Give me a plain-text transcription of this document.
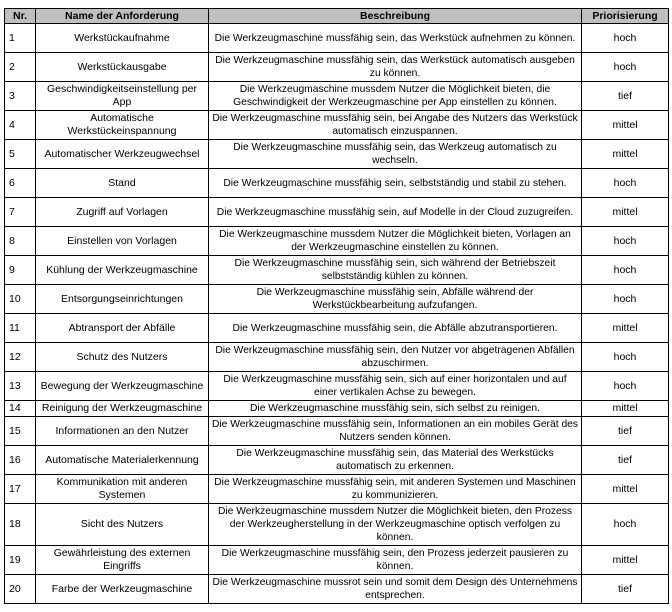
Nr.	Name der Anforderung	Beschreibung	Priorisierung
1	Werkstückaufnahme	Die Werkzeugmaschine mussfähig sein, das Werkstück aufnehmen zu können.	hoch
2	Werkstückausgabe	Die Werkzeugmaschine mussfähig sein, das Werkstück automatisch ausgeben zu können.	hoch
3	Geschwindigkeitseinstellung per App	Die Werkzeugmaschine mussdem Nutzer die Möglichkeit bieten, die Geschwindigkeit der Werkzeugmaschine per App einstellen zu können.	tief
4	Automatische Werkstückeinspannung	Die Werkzeugmaschine mussfähig sein, bei Angabe des Nutzers das Werkstück automatisch einzuspannen.	mittel
5	Automatischer Werkzeugwechsel	Die Werkzeugmaschine mussfähig sein, das Werkzeug automatisch zu wechseln.	mittel
6	Stand	Die Werkzeugmaschine mussfähig sein, selbstständig und stabil zu stehen.	hoch
7	Zugriff auf Vorlagen	Die Werkzeugmaschine mussfähig sein, auf Modelle in der Cloud zuzugreifen.	mittel
8	Einstellen von Vorlagen	Die Werkzeugmaschine mussdem Nutzer die Möglichkeit bieten, Vorlagen an der Werkzeugmaschine einstellen zu können.	hoch
9	Kühlung der Werkzeugmaschine	Die Werkzeugmaschine mussfähig sein, sich während der Betriebszeit selbstständig kühlen zu können.	hoch
10	Entsorgungseinrichtungen	Die Werkzeugmaschine mussfähig sein, Abfälle während der Werkstückbearbeitung aufzufangen.	hoch
11	Abtransport der Abfälle	Die Werkzeugmaschine mussfähig sein, die Abfälle abzutransportieren.	mittel
12	Schutz des Nutzers	Die Werkzeugmaschine mussfähig sein, den Nutzer vor abgetragenen Abfällen abzuschirmen.	hoch
13	Bewegung der Werkzeugmaschine	Die Werkzeugmaschine mussfähig sein, sich auf einer horizontalen und auf einer vertikalen Achse zu bewegen.	hoch
14	Reinigung der Werkzeugmaschine	Die Werkzeugmaschine mussfähig sein, sich selbst zu reinigen.	mittel
15	Informationen an den Nutzer	Die Werkzeugmaschine mussfähig sein, Informationen an ein mobiles Gerät des Nutzers senden können.	tief
16	Automatische Materialerkennung	Die Werkzeugmaschine mussfähig sein, das Material des Werkstücks automatisch zu erkennen.	tief
17	Kommunikation mit anderen Systemen	Die Werkzeugmaschine mussfähig sein, mit anderen Systemen und Maschinen zu kommunizieren.	mittel
18	Sicht des Nutzers	Die Werkzeugmaschine mussdem Nutzer die Möglichkeit bieten, den Prozess der Werkzeugherstellung in der Werkzeugmaschine optisch verfolgen zu können.	hoch
19	Gewährleistung des externen Eingriffs	Die Werkzeugmaschine mussfähig sein, den Prozess jederzeit pausieren zu können.	mittel
20	Farbe der Werkzeugmaschine	Die Werkzeugmaschine mussrot sein und somit dem Design des Unternehmens entsprechen.	tief
